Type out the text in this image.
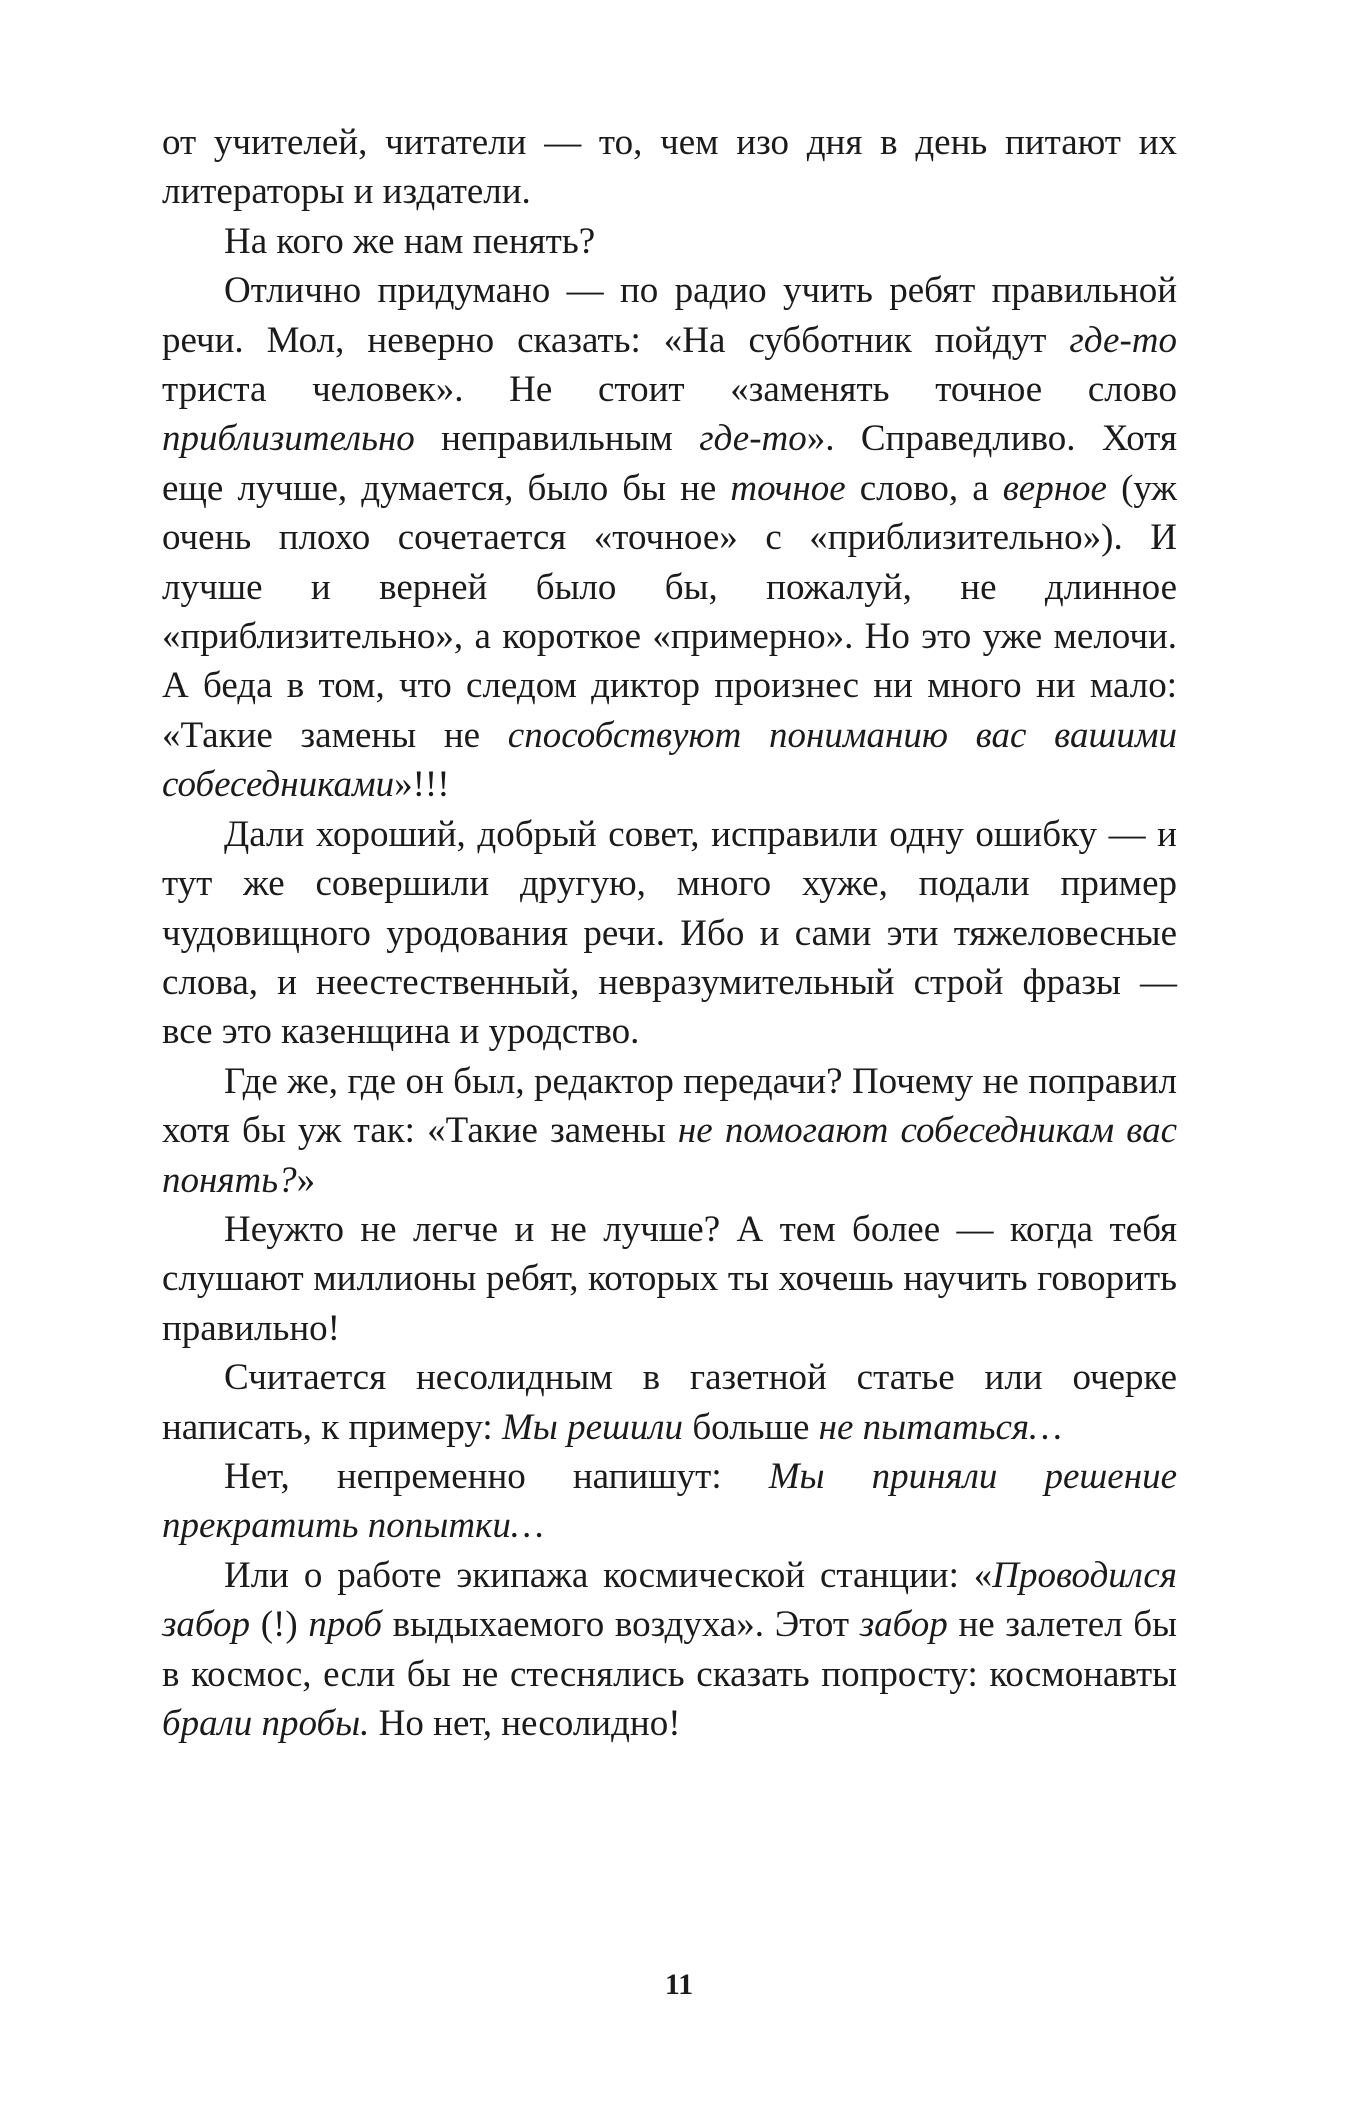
от учителей, читатели — то, чем изо дня в день питают их литераторы и издатели.

На кого же нам пенять?

Отлично придумано — по радио учить ребят правильной речи. Мол, неверно сказать: «На субботник пойдут где-то триста человек». Не стоит «заменять точное слово приблизительно неправильным где-то». Справедливо. Хотя еще лучше, думается, было бы не точное слово, а верное (уж очень плохо сочетается «точное» с «приблизительно»). И лучше и верней было бы, пожалуй, не длинное «приблизительно», а короткое «примерно». Но это уже мелочи. А беда в том, что следом диктор произнес ни много ни мало: «Такие замены не способствуют пониманию вас вашими собеседниками»!!!

Дали хороший, добрый совет, исправили одну ошибку — и тут же совершили другую, много хуже, подали пример чудовищного уродования речи. Ибо и сами эти тяжеловесные слова, и неестественный, невразумительный строй фразы — все это казенщина и уродство.

Где же, где он был, редактор передачи? Почему не поправил хотя бы уж так: «Такие замены не помогают собеседникам вас понять?»

Неужто не легче и не лучше? А тем более — когда тебя слушают миллионы ребят, которых ты хочешь научить говорить правильно!

Считается несолидным в газетной статье или очерке написать, к примеру: Мы решили больше не пытаться…

Нет, непременно напишут: Мы приняли решение прекратить попытки…

Или о работе экипажа космической станции: «Проводился забор (!) проб выдыхаемого воздуха». Этот забор не залетел бы в космос, если бы не стеснялись сказать попросту: космонавты брали пробы. Но нет, несолидно!

11
